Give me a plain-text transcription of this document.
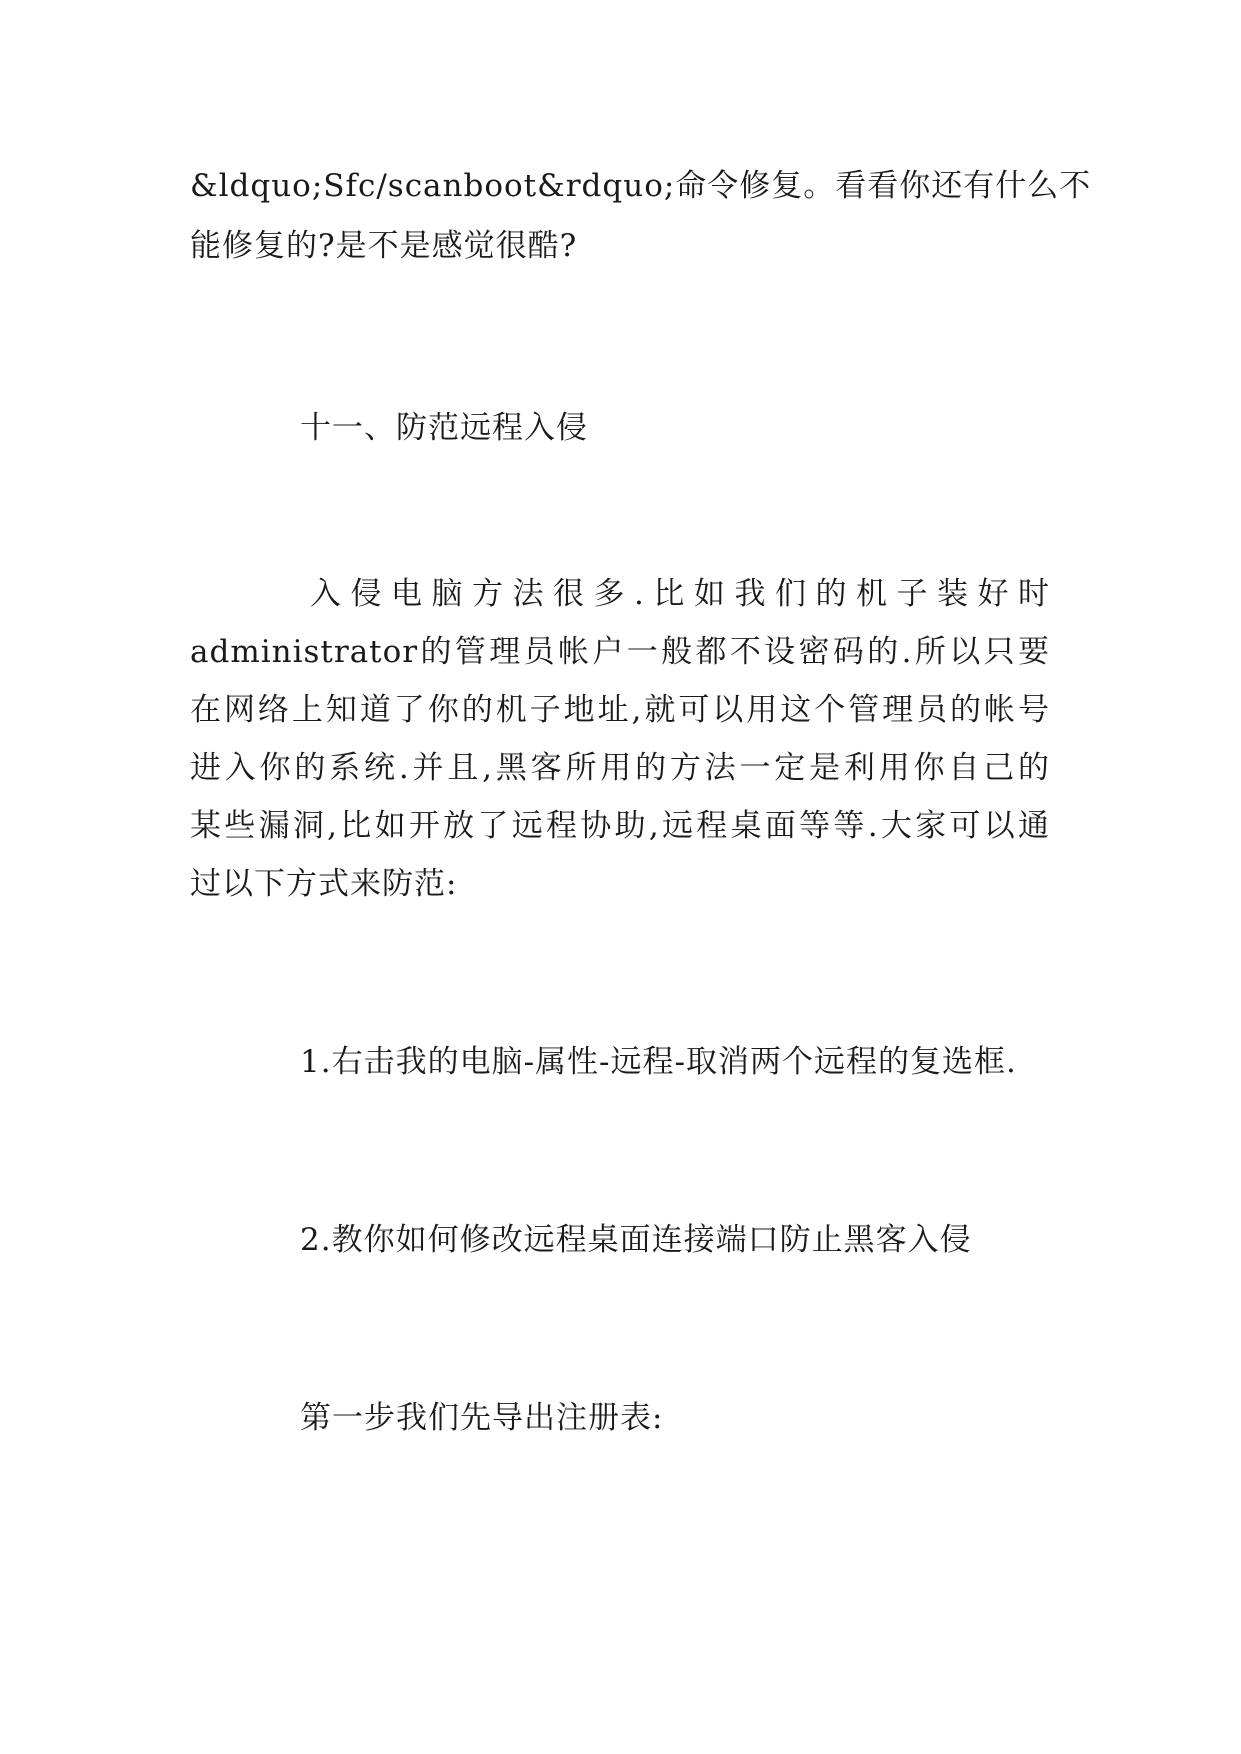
&ldquo;Sfc/scanboot&rdquo;命令修复。看看你还有什么不
能修复的?是不是感觉很酷?
十一、防范远程入侵
入侵电脑方法很多.比如我们的机子装好时
administrator的管理员帐户一般都不设密码的.所以只要
在网络上知道了你的机子地址,就可以用这个管理员的帐号
进入你的系统.并且,黑客所用的方法一定是利用你自己的
某些漏洞,比如开放了远程协助,远程桌面等等.大家可以通
过以下方式来防范:
1.右击我的电脑-属性-远程-取消两个远程的复选框.
2.教你如何修改远程桌面连接端口防止黑客入侵
第一步我们先导出注册表:
